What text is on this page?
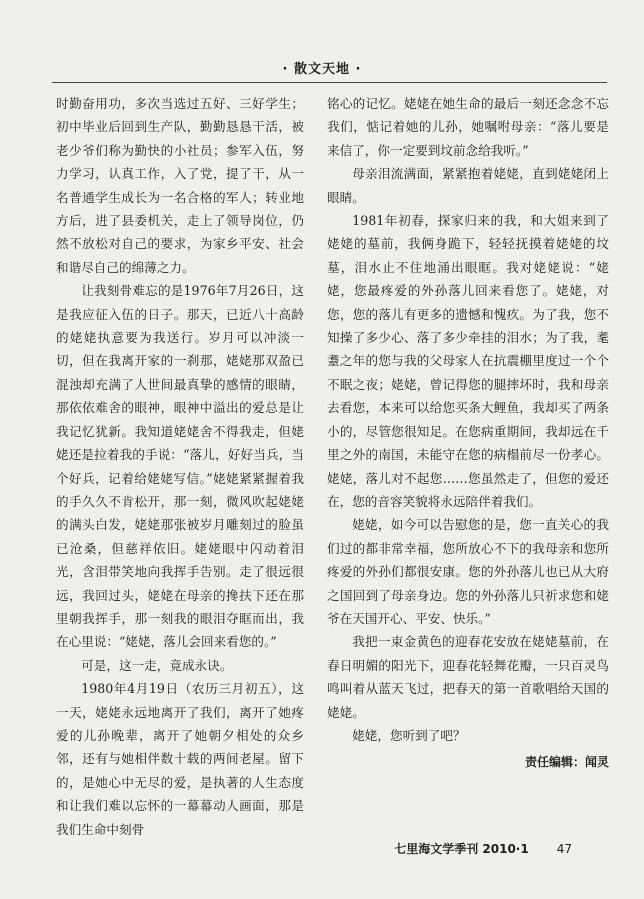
· 散文天地 ·

时勤奋用功，多次当选过五好、三好学生；初中毕业后回到生产队，勤勤恳恳干活，被老少爷们称为勤快的小社员；参军入伍，努力学习，认真工作，入了党，提了干，从一名普通学生成长为一名合格的军人；转业地方后，进了县委机关，走上了领导岗位，仍然不放松对自己的要求，为家乡平安、社会和谐尽自己的绵薄之力。

让我刻骨难忘的是1976年7月26日，这是我应征入伍的日子。那天，已近八十高龄的姥姥执意要为我送行。岁月可以冲淡一切，但在我离开家的一刹那，姥姥那双盈已混浊却充满了人世间最真挚的感情的眼睛，那依依难舍的眼神，眼神中溢出的爱总是让我记忆犹新。我知道姥姥舍不得我走，但姥姥还是拉着我的手说：“落儿，好好当兵，当个好兵，记着给姥姥写信。”姥姥紧紧握着我的手久久不肯松开，那一刻，微风吹起姥姥的满头白发，姥姥那张被岁月雕刻过的脸虽已沧桑，但慈祥依旧。姥姥眼中闪动着泪光，含泪带笑地向我挥手告别。走了很远很远，我回过头，姥姥在母亲的搀扶下还在那里朝我挥手，那一刻我的眼泪夺眶而出，我在心里说：“姥姥，落儿会回来看您的。”

可是，这一走，竟成永诀。

1980年4月19日（农历三月初五），这一天，姥姥永远地离开了我们，离开了她疼爱的儿孙晚辈，离开了她朝夕相处的众乡邻，还有与她相伴数十载的两间老屋。留下的，是她心中无尽的爱，是执著的人生态度和让我们难以忘怀的一幕幕动人画面，那是我们生命中刻骨

铭心的记忆。姥姥在她生命的最后一刻还念念不忘我们，惦记着她的儿孙，她嘱咐母亲：“落儿要是来信了，你一定要到坟前念给我听。”

母亲泪流满面，紧紧抱着姥姥，直到姥姥闭上眼睛。

1981年初春，探家归来的我，和大姐来到了姥姥的墓前，我俩身跪下，轻轻抚摸着姥姥的坟墓，泪水止不住地涌出眼眶。我对姥姥说：“姥姥，您最疼爱的外孙落儿回来看您了。姥姥，对您，您的落儿有更多的遗憾和愧疚。为了我，您不知操了多少心、落了多少牵挂的泪水；为了我，耄耋之年的您与我的父母家人在抗震棚里度过一个个不眠之夜；姥姥，曾记得您的腿摔坏时，我和母亲去看您，本来可以给您买条大鲤鱼，我却买了两条小的，尽管您很知足。在您病重期间，我却远在千里之外的南国，未能守在您的病榻前尽一份孝心。姥姥，落儿对不起您……您虽然走了，但您的爱还在，您的音容笑貌将永远陪伴着我们。

姥姥，如今可以告慰您的是，您一直关心的我们过的都非常幸福，您所放心不下的我母亲和您所疼爱的外孙们都很安康。您的外孙落儿也已从大府之国回到了母亲身边。您的外孙落儿只祈求您和姥爷在天国开心、平安、快乐。”

我把一束金黄色的迎春花安放在姥姥墓前，在春日明媚的阳光下，迎春花轻舞花瓣，一只百灵鸟鸣叫着从蓝天飞过，把春天的第一首歌唱给天国的姥姥。

姥姥，您听到了吧？

责任编辑：闻灵
七里海文学季刊 2010·1 47
